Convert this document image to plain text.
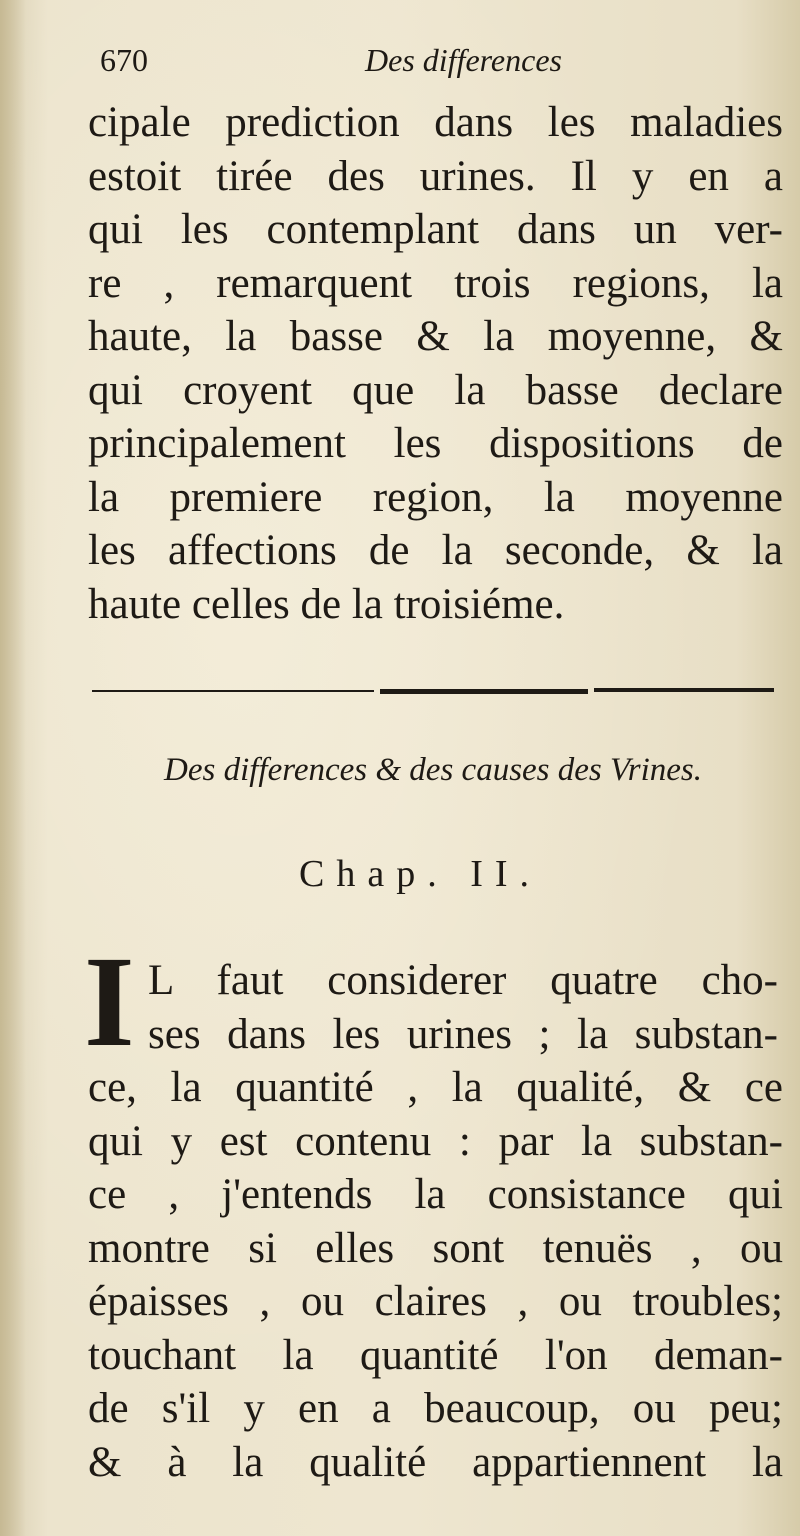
670	Des differences
cipale prediction dans les maladies
estoit tirée des urines. Il y en a
qui les contemplant dans un ver-
re , remarquent trois regions, la
haute, la basse & la moyenne, &
qui croyent que la basse declare
principalement les dispositions de
la premiere region, la moyenne
les affections de la seconde, & la
haute celles de la troisiéme.
Des differences & des causes des Vrines.
Chap. II.
I L faut considerer quatre cho-
ses dans les urines ; la substan-
ce, la quantité , la qualité, & ce
qui y est contenu : par la substan-
ce , j'entends la consistance qui
montre si elles sont tenuës , ou
épaisses , ou claires , ou troubles;
touchant la quantité l'on deman-
de s'il y en a beaucoup, ou peu;
& à la qualité appartiennent la
